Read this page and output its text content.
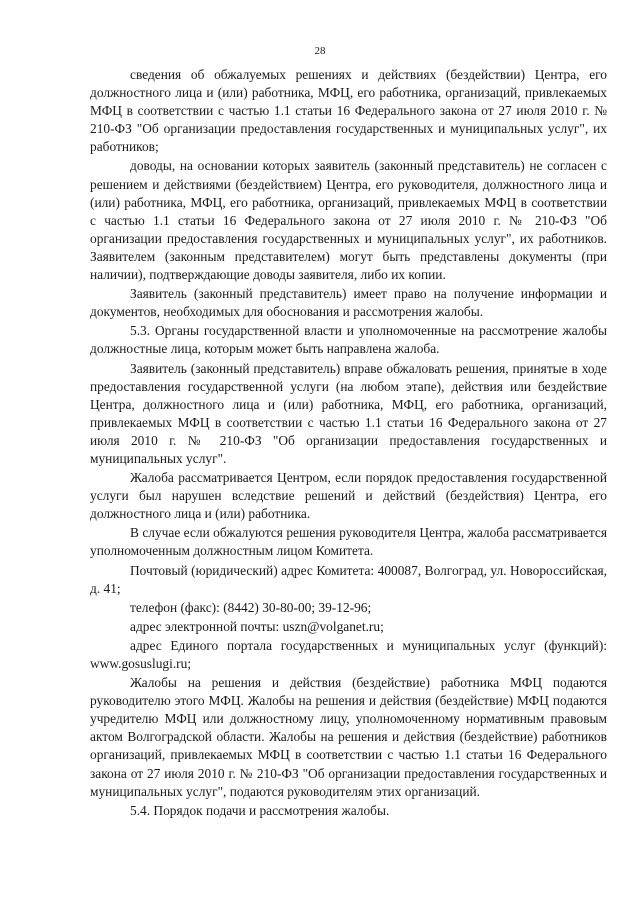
28

сведения об обжалуемых решениях и действиях (бездействии) Центра, его должностного лица и (или) работника, МФЦ, его работника, организаций, привлекаемых МФЦ в соответствии с частью 1.1 статьи 16 Федерального закона от 27 июля 2010 г. № 210-ФЗ "Об организации предоставления государственных и муниципальных услуг", их работников;

доводы, на основании которых заявитель (законный представитель) не согласен с решением и действиями (бездействием) Центра, его руководителя, должностного лица и (или) работника, МФЦ, его работника, организаций, привлекаемых МФЦ в соответствии с частью 1.1 статьи 16 Федерального закона от 27 июля 2010 г. № 210-ФЗ "Об организации предоставления государственных и муниципальных услуг", их работников. Заявителем (законным представителем) могут быть представлены документы (при наличии), подтверждающие доводы заявителя, либо их копии.

Заявитель (законный представитель) имеет право на получение информации и документов, необходимых для обоснования и рассмотрения жалобы.

5.3. Органы государственной власти и уполномоченные на рассмотрение жалобы должностные лица, которым может быть направлена жалоба.

Заявитель (законный представитель) вправе обжаловать решения, принятые в ходе предоставления государственной услуги (на любом этапе), действия или бездействие Центра, должностного лица и (или) работника, МФЦ, его работника, организаций, привлекаемых МФЦ в соответствии с частью 1.1 статьи 16 Федерального закона от 27 июля 2010 г. № 210-ФЗ "Об организации предоставления государственных и муниципальных услуг".

Жалоба рассматривается Центром, если порядок предоставления государственной услуги был нарушен вследствие решений и действий (бездействия) Центра, его должностного лица и (или) работника.

В случае если обжалуются решения руководителя Центра, жалоба рассматривается уполномоченным должностным лицом Комитета.

Почтовый (юридический) адрес Комитета: 400087, Волгоград, ул. Новороссийская, д. 41;

телефон (факс): (8442) 30-80-00; 39-12-96;

адрес электронной почты: uszn@volganet.ru;

адрес Единого портала государственных и муниципальных услуг (функций): www.gosuslugi.ru;

Жалобы на решения и действия (бездействие) работника МФЦ подаются руководителю этого МФЦ. Жалобы на решения и действия (бездействие) МФЦ подаются учредителю МФЦ или должностному лицу, уполномоченному нормативным правовым актом Волгоградской области. Жалобы на решения и действия (бездействие) работников организаций, привлекаемых МФЦ в соответствии с частью 1.1 статьи 16 Федерального закона от 27 июля 2010 г. № 210-ФЗ "Об организации предоставления государственных и муниципальных услуг", подаются руководителям этих организаций.

5.4. Порядок подачи и рассмотрения жалобы.
